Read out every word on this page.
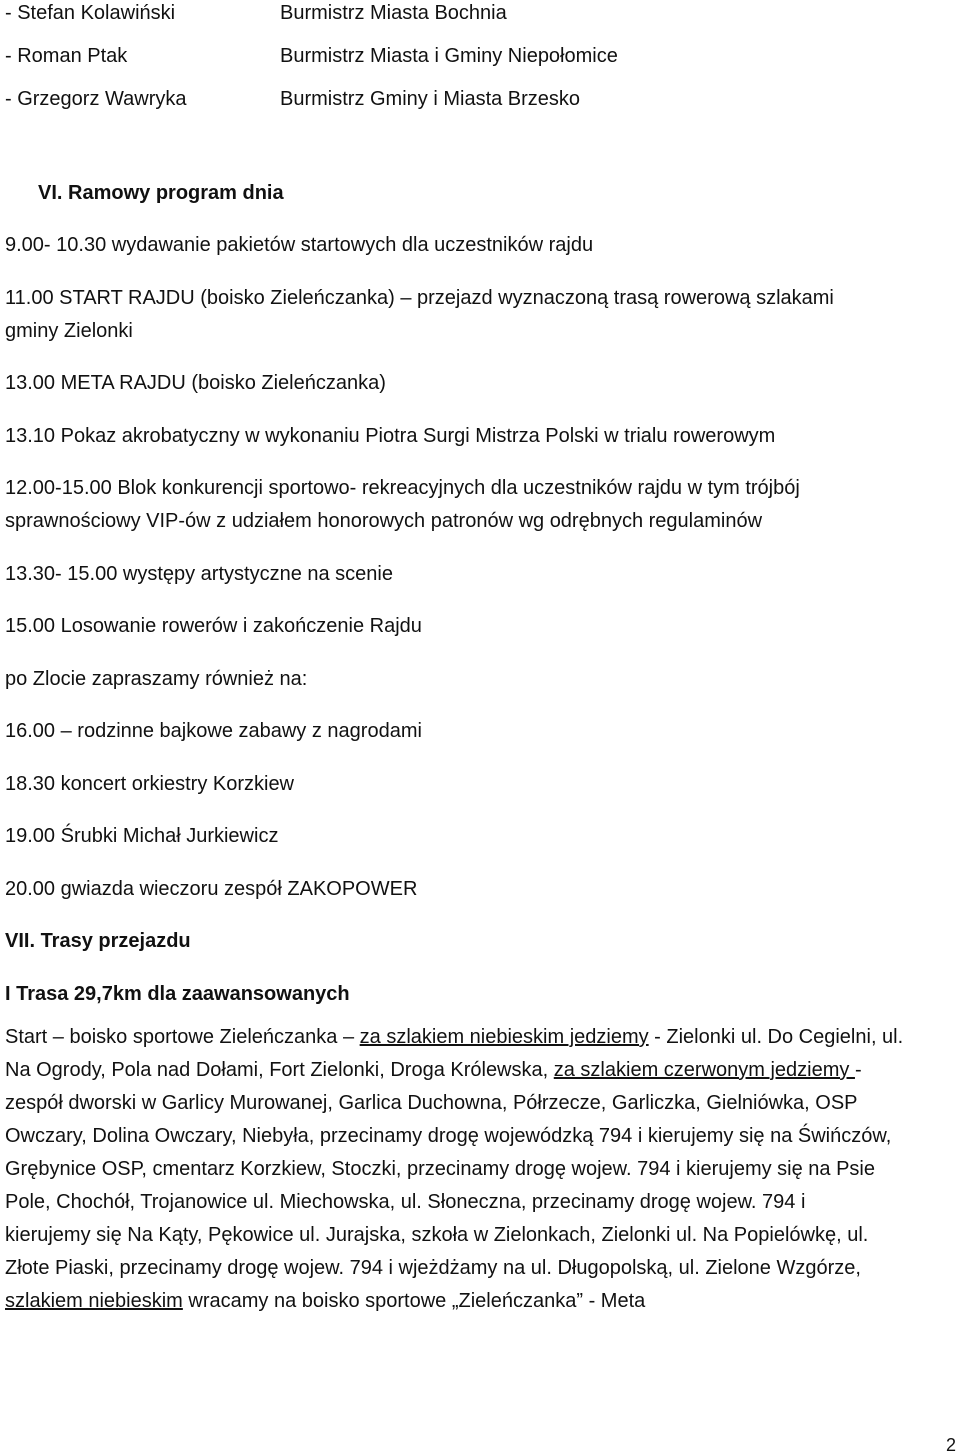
- Stefan Kolawiński	Burmistrz Miasta Bochnia
- Roman Ptak	Burmistrz Miasta i Gminy Niepołomice
- Grzegorz Wawryka	Burmistrz Gminy i Miasta Brzesko
VI. Ramowy program dnia
9.00- 10.30 wydawanie pakietów startowych dla uczestników rajdu
11.00 START RAJDU (boisko Zieleńczanka) – przejazd wyznaczoną trasą rowerową szlakami
gminy Zielonki
13.00 META RAJDU (boisko Zieleńczanka)
13.10 Pokaz akrobatyczny w wykonaniu Piotra Surgi Mistrza Polski w trialu rowerowym
12.00-15.00 Blok konkurencji sportowo- rekreacyjnych dla uczestników rajdu w tym trójbój
sprawnościowy VIP-ów z udziałem honorowych patronów wg odrębnych regulaminów
13.30- 15.00 występy artystyczne na scenie
15.00 Losowanie rowerów i zakończenie Rajdu
po Zlocie zapraszamy również na:
16.00 – rodzinne bajkowe zabawy z nagrodami
18.30 koncert orkiestry Korzkiew
19.00 Śrubki Michał Jurkiewicz
20.00 gwiazda wieczoru zespół ZAKOPOWER
VII. Trasy przejazdu
I Trasa 29,7km dla zaawansowanych
Start – boisko sportowe Zieleńczanka – za szlakiem niebieskim jedziemy - Zielonki ul. Do Cegielni, ul.
Na Ogrody, Pola nad Dołami, Fort Zielonki, Droga Królewska, za szlakiem czerwonym jedziemy -
zespół dworski w Garlicy Murowanej, Garlica Duchowna, Półrzecze, Garliczka, Gielniówka, OSP
Owczary, Dolina Owczary, Niebyła, przecinamy drogę wojewódzką 794 i kierujemy się na Świńczów,
Grębynice OSP, cmentarz Korzkiew, Stoczki, przecinamy drogę wojew. 794 i kierujemy się na Psie
Pole, Chochół, Trojanowice ul. Miechowska, ul. Słoneczna, przecinamy drogę wojew. 794 i
kierujemy się Na Kąty, Pękowice ul. Jurajska, szkoła w Zielonkach, Zielonki ul. Na Popielówkę, ul.
Złote Piaski, przecinamy drogę wojew. 794 i wjeżdżamy na ul. Długopolską, ul. Zielone Wzgórze,
szlakiem niebieskim wracamy na boisko sportowe „Zieleńczanka” - Meta
2
